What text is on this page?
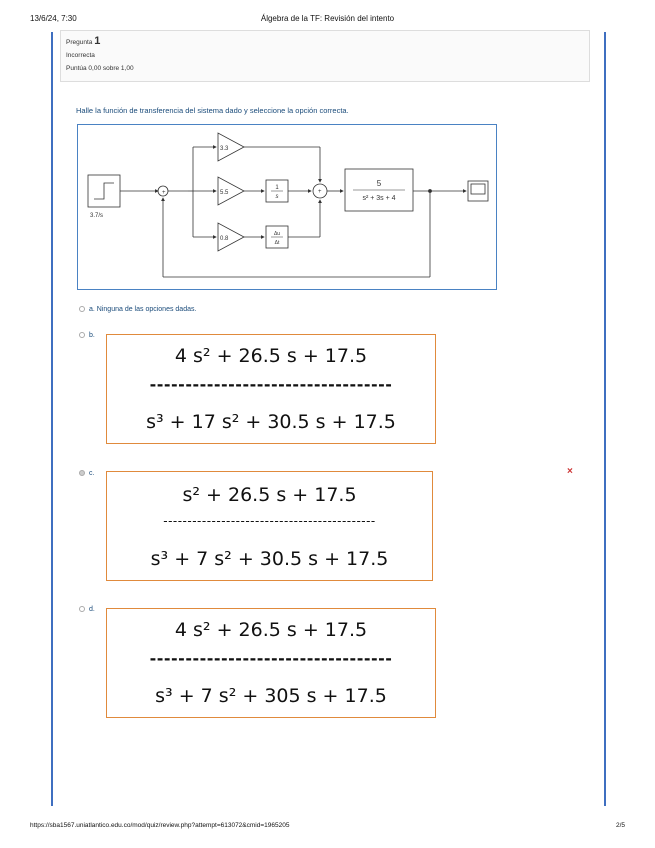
13/6/24, 7:30	Álgebra de la TF: Revisión del intento
Pregunta 1
Incorrecta
Puntúa 0,00 sobre 1,00
Halle la función de transferencia del sistema dado y seleccione la opción correcta.
+	+
3.7/s
3.3
5.5
0.8
1
s
Δu
Δt
5
s² + 3s + 4
a. Ninguna de las opciones dadas.
b.
4 s² + 26.5 s + 17.5
----------------------------------
s³ + 17 s² + 30.5 s + 17.5
c.	×
s² + 26.5 s + 17.5
--------------------------------------------
s³ + 7 s² + 30.5 s + 17.5
d.
4 s² + 26.5 s + 17.5
----------------------------------
s³ + 7 s² + 305 s + 17.5
https://sba1567.uniatlantico.edu.co/mod/quiz/review.php?attempt=613072&cmid=1965205	2/5
